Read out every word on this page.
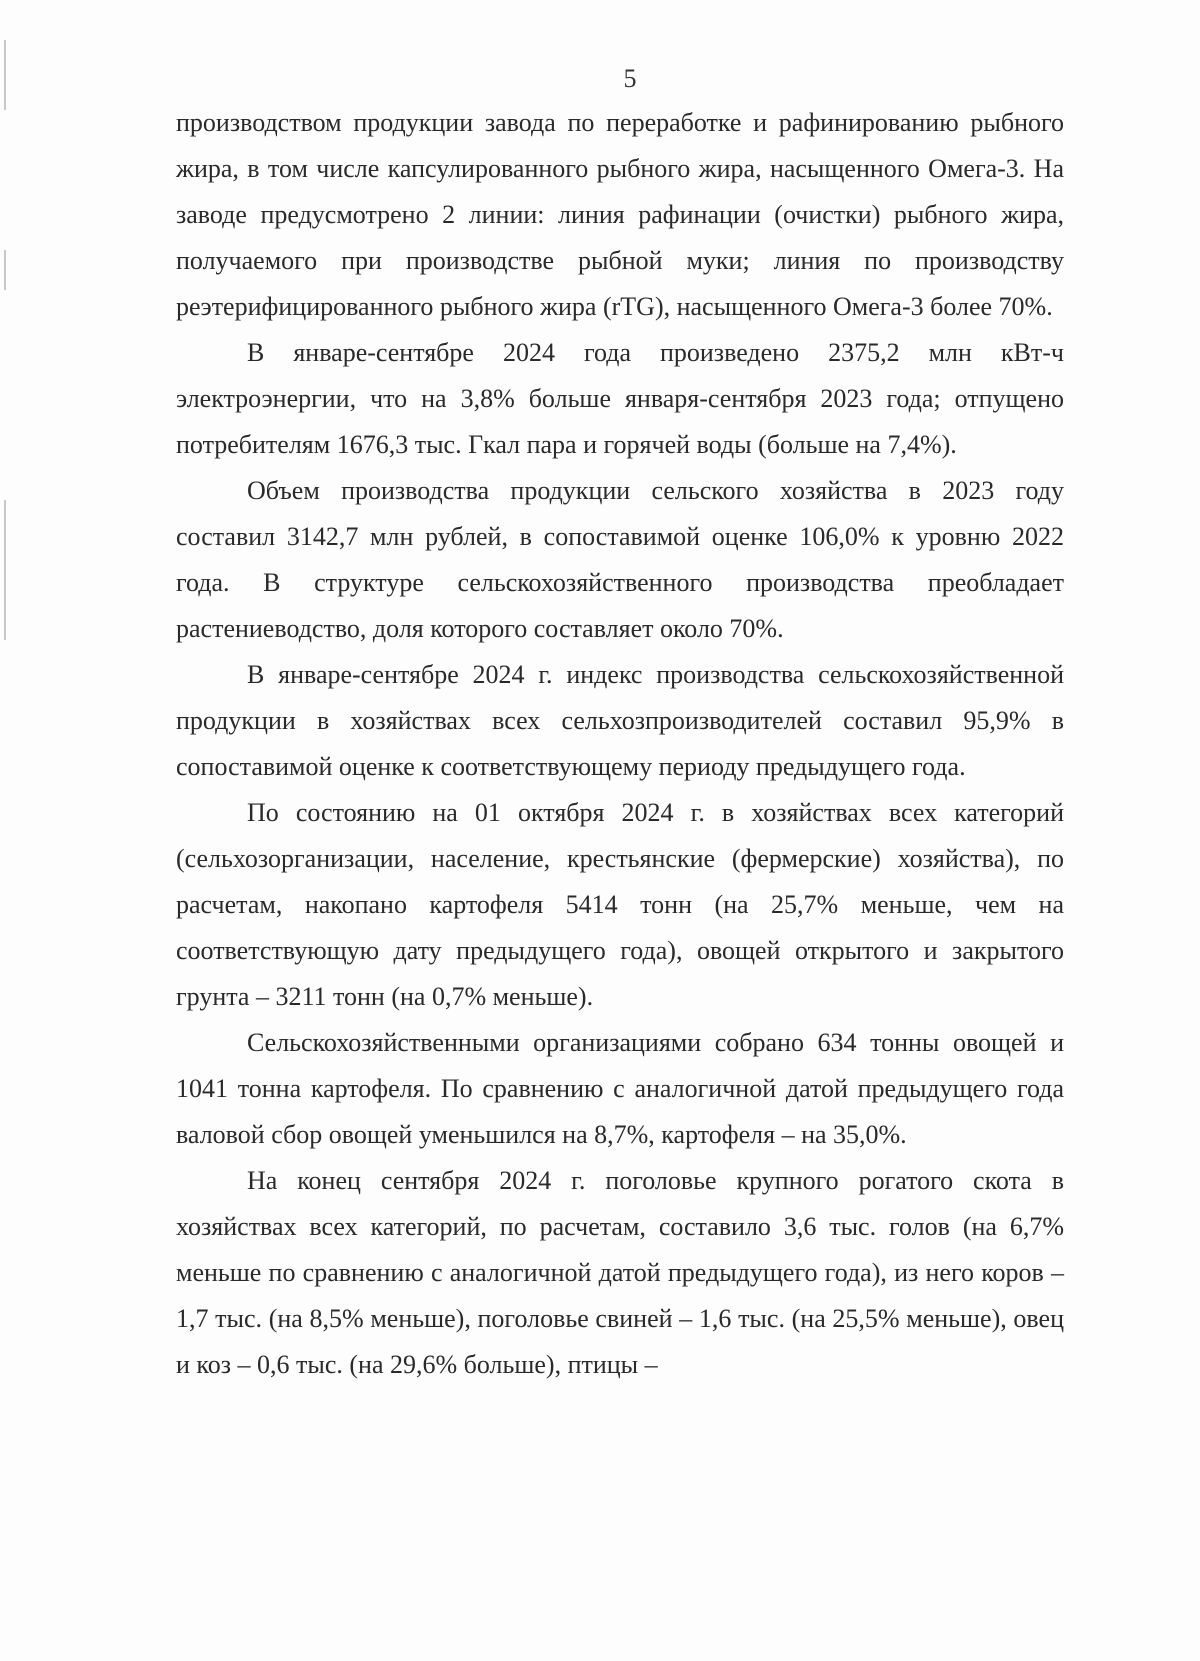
5

производством продукции завода по переработке и рафинированию рыбного жира, в том числе капсулированного рыбного жира, насыщенного Омега-3. На заводе предусмотрено 2 линии: линия рафинации (очистки) рыбного жира, получаемого при производстве рыбной муки; линия по производству реэтерифицированного рыбного жира (rTG), насыщенного Омега-3 более 70%.

В январе-сентябре 2024 года произведено 2375,2 млн кВт-ч электроэнергии, что на 3,8% больше января-сентября 2023 года; отпущено потребителям 1676,3 тыс. Гкал пара и горячей воды (больше на 7,4%).

Объем производства продукции сельского хозяйства в 2023 году составил 3142,7 млн рублей, в сопоставимой оценке 106,0% к уровню 2022 года. В структуре сельскохозяйственного производства преобладает растениеводство, доля которого составляет около 70%.

В январе-сентябре 2024 г. индекс производства сельскохозяйственной продукции в хозяйствах всех сельхозпроизводителей составил 95,9% в сопоставимой оценке к соответствующему периоду предыдущего года.

По состоянию на 01 октября 2024 г. в хозяйствах всех категорий (сельхозорганизации, население, крестьянские (фермерские) хозяйства), по расчетам, накопано картофеля 5414 тонн (на 25,7% меньше, чем на соответствующую дату предыдущего года), овощей открытого и закрытого грунта – 3211 тонн (на 0,7% меньше).

Сельскохозяйственными организациями собрано 634 тонны овощей и 1041 тонна картофеля. По сравнению с аналогичной датой предыдущего года валовой сбор овощей уменьшился на 8,7%, картофеля – на 35,0%.

На конец сентября 2024 г. поголовье крупного рогатого скота в хозяйствах всех категорий, по расчетам, составило 3,6 тыс. голов (на 6,7% меньше по сравнению с аналогичной датой предыдущего года), из него коров – 1,7 тыс. (на 8,5% меньше), поголовье свиней – 1,6 тыс. (на 25,5% меньше), овец и коз – 0,6 тыс. (на 29,6% больше), птицы –
